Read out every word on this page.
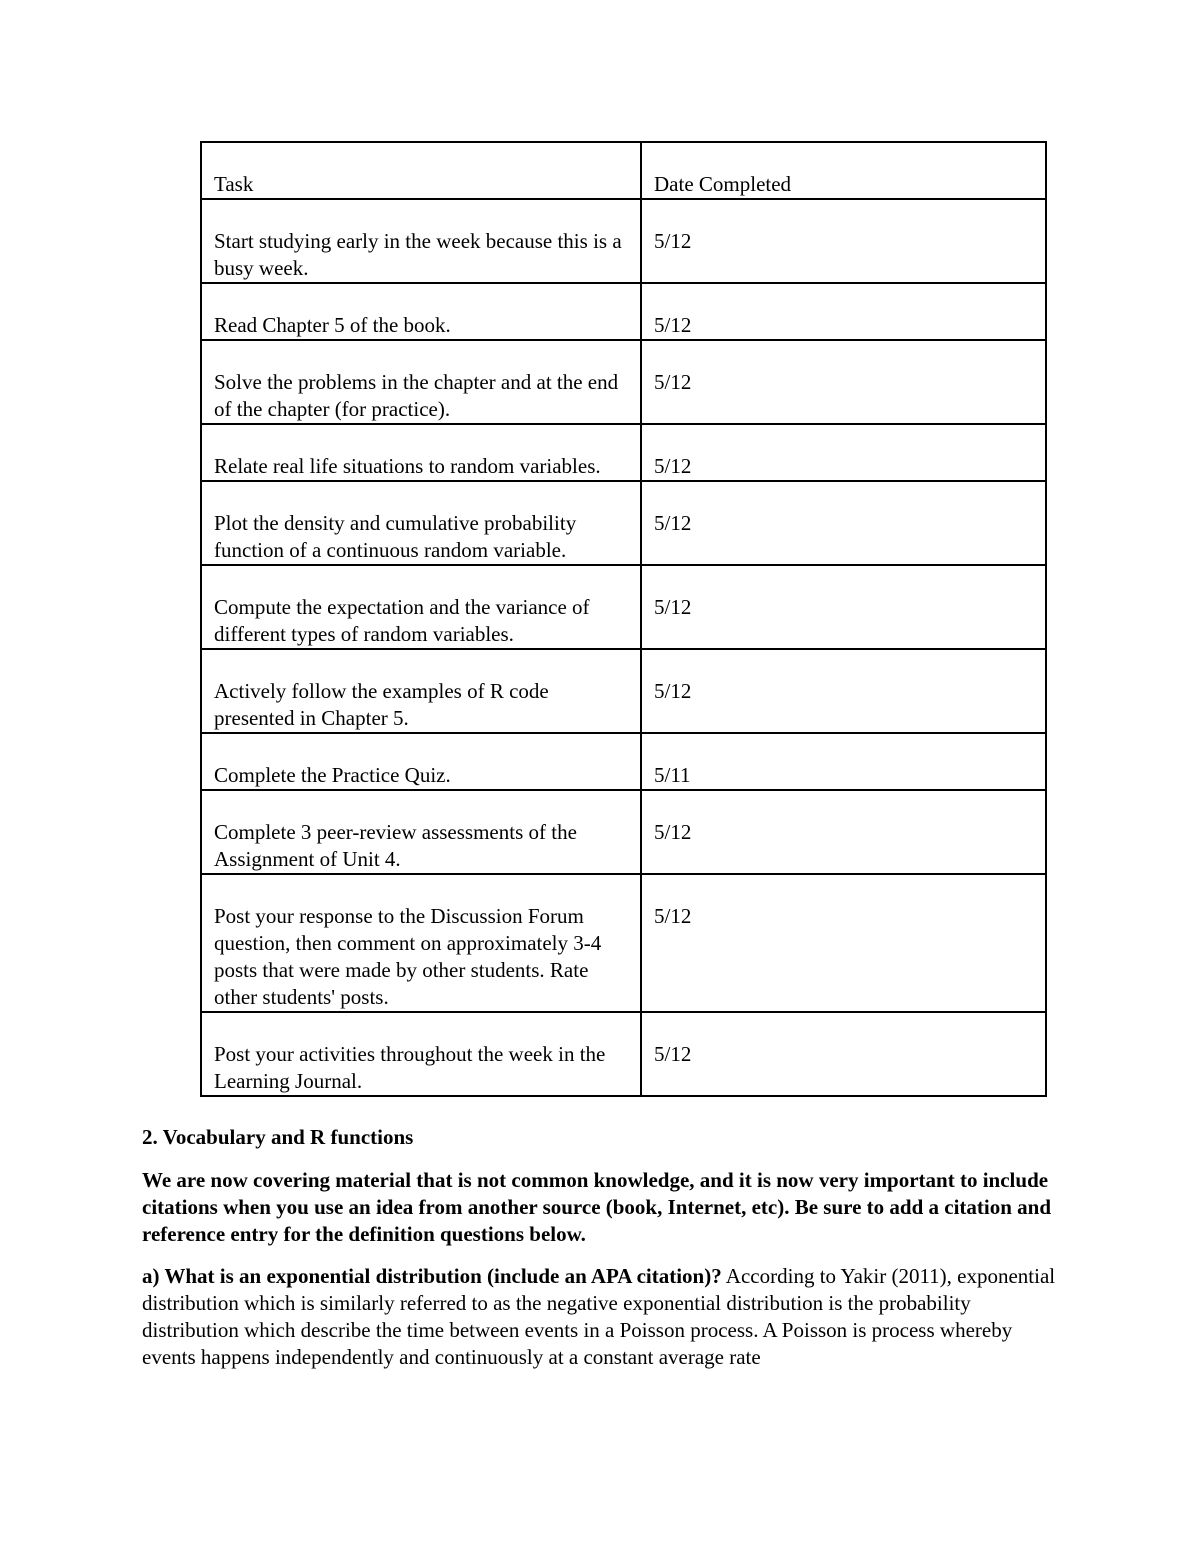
Task	Date Completed
Start studying early in the week because this is a busy week.	5/12
Read Chapter 5 of the book.	5/12
Solve the problems in the chapter and at the end of the chapter (for practice).	5/12
Relate real life situations to random variables.	5/12
Plot the density and cumulative probability function of a continuous random variable.	5/12
Compute the expectation and the variance of different types of random variables.	5/12
Actively follow the examples of R code presented in Chapter 5.	5/12
Complete the Practice Quiz.	5/11
Complete 3 peer-review assessments of the Assignment of Unit 4.	5/12
Post your response to the Discussion Forum question, then comment on approximately 3-4 posts that were made by other students. Rate other students' posts.	5/12
Post your activities throughout the week in the Learning Journal.	5/12
2. Vocabulary and R functions
We are now covering material that is not common knowledge, and it is now very important to include citations when you use an idea from another source (book, Internet, etc). Be sure to add a citation and reference entry for the definition questions below.
a) What is an exponential distribution (include an APA citation)? According to Yakir (2011), exponential distribution which is similarly referred to as the negative exponential distribution is the probability distribution which describe the time between events in a Poisson process. A Poisson is process whereby events happens independently and continuously at a constant average rate
